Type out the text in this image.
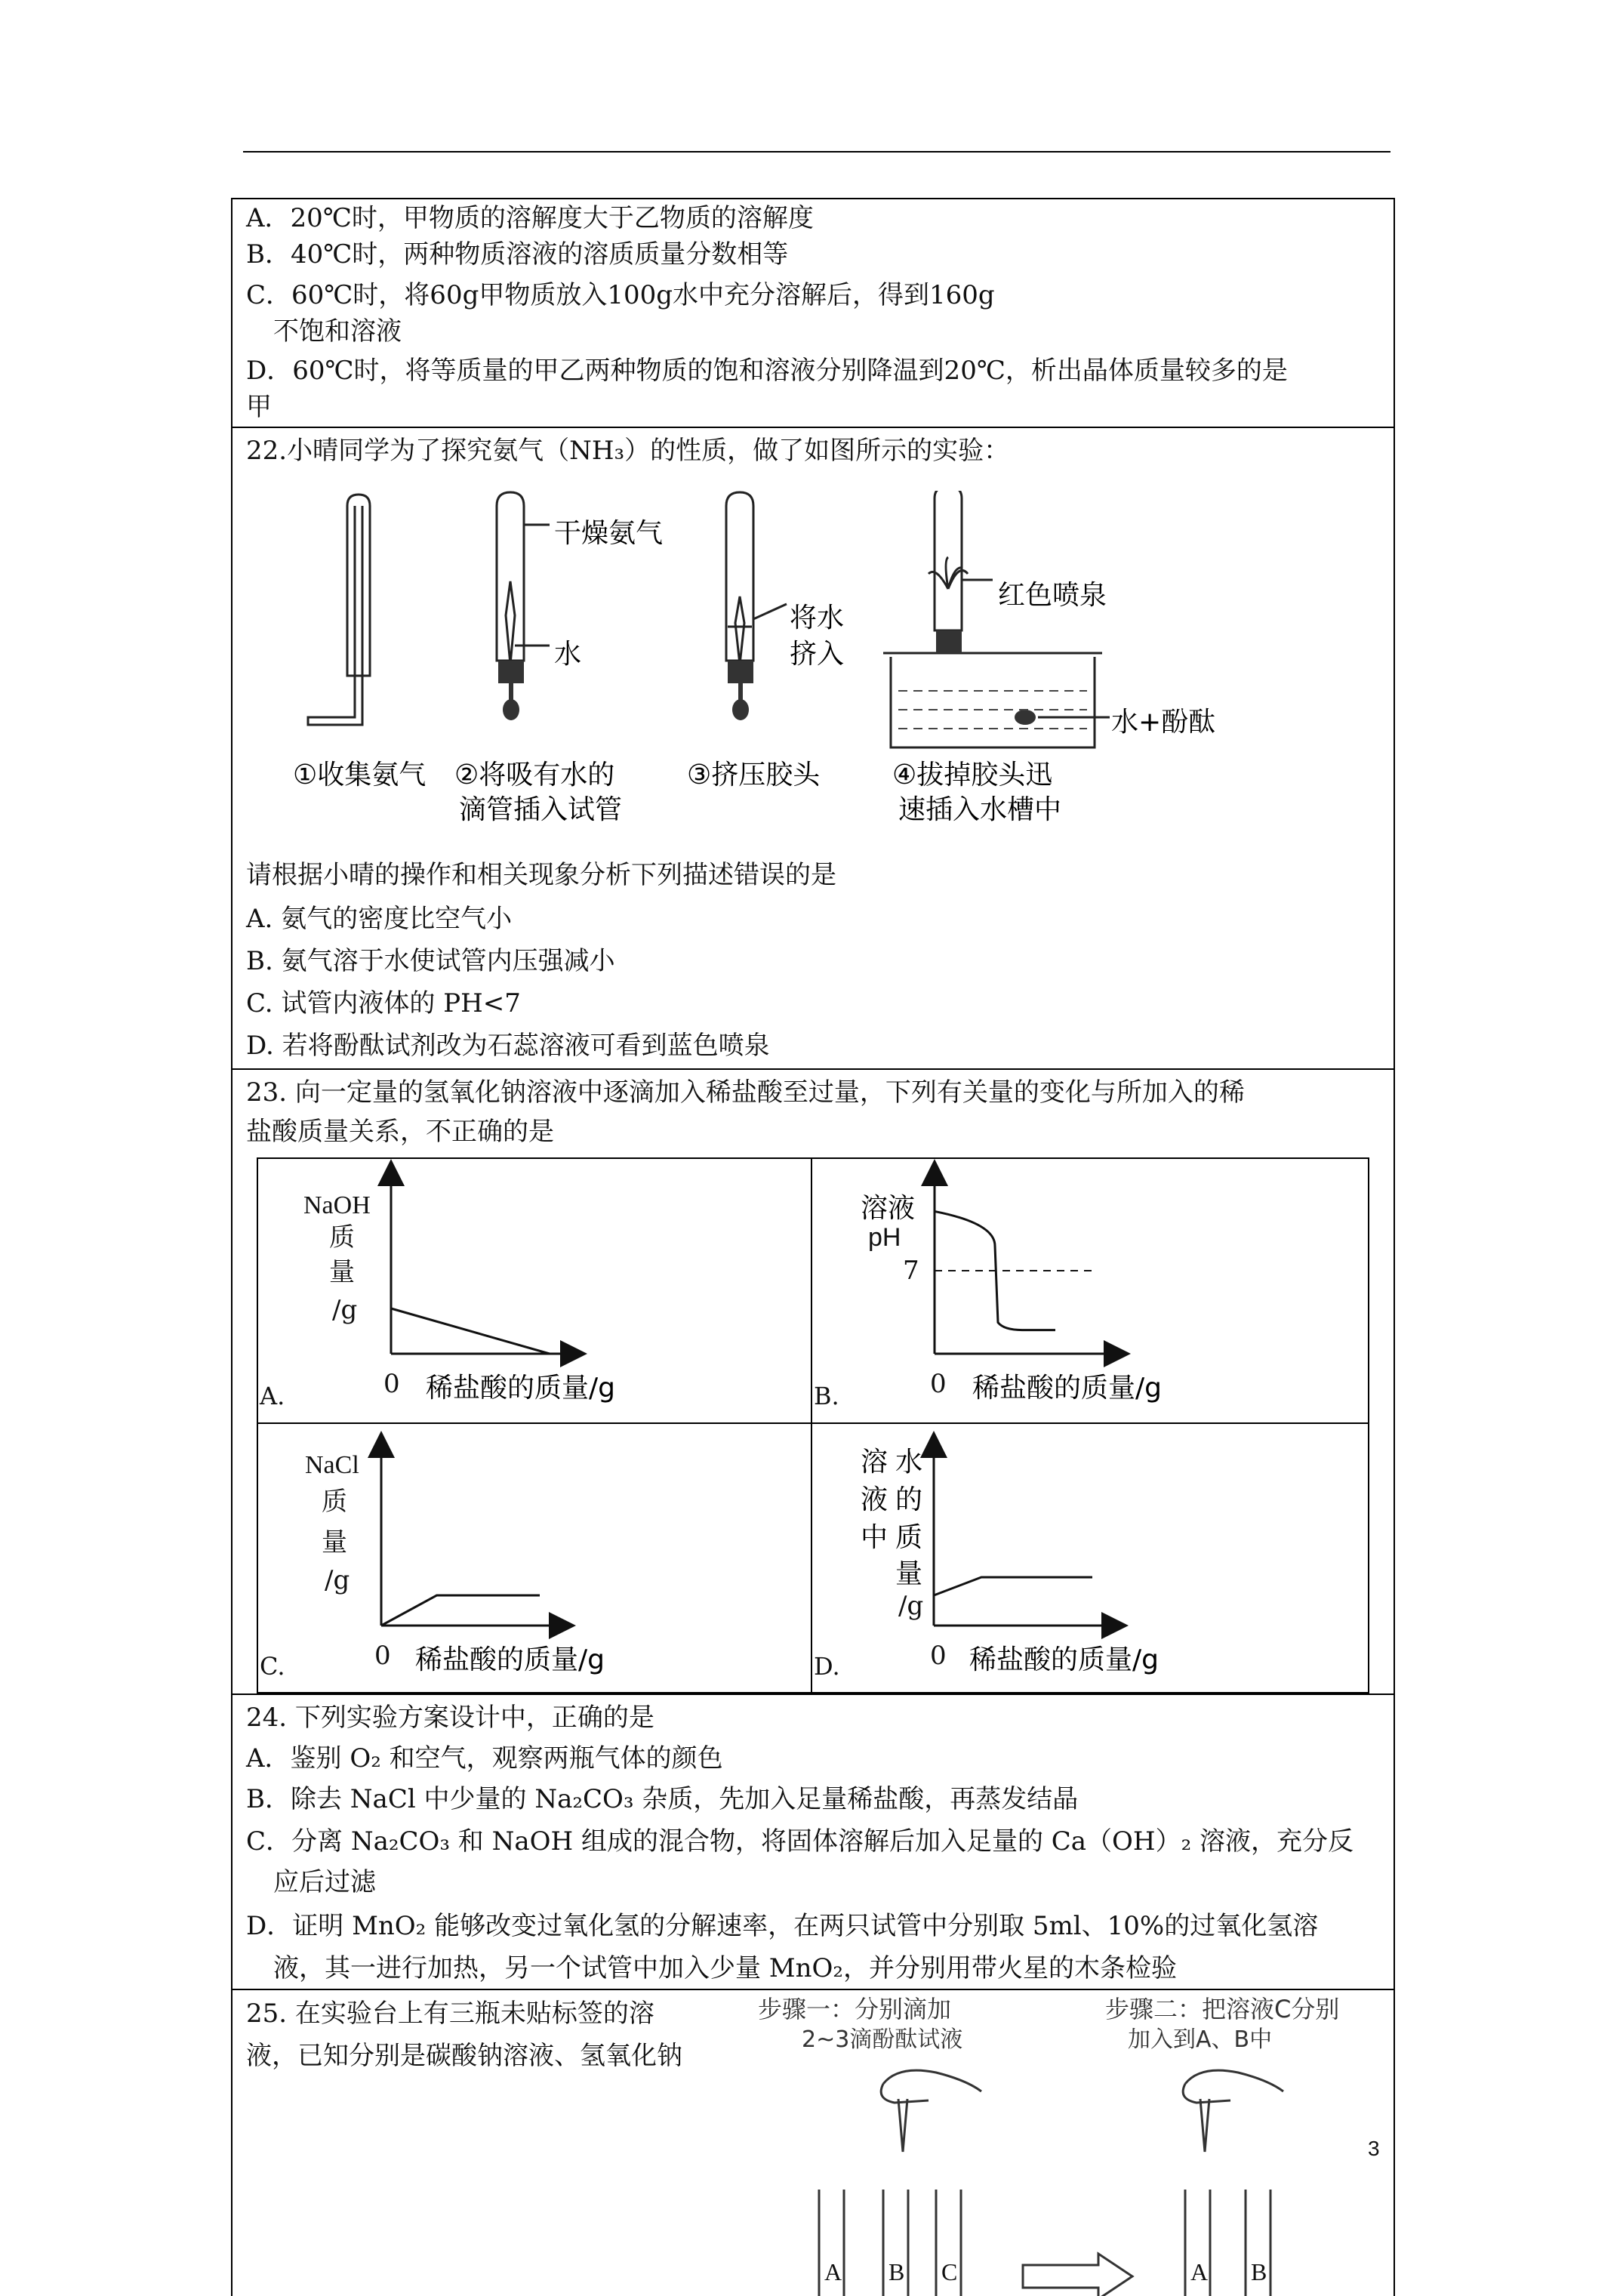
A．20℃时，甲物质的溶解度大于乙物质的溶解度
B．40℃时，两种物质溶液的溶质质量分数相等
C．60℃时，将60g甲物质放入100g水中充分溶解后，得到160g
不饱和溶液
D．60℃时，将等质量的甲乙两种物质的饱和溶液分别降温到20℃，析出晶体质量较多的是
甲
22.小晴同学为了探究氨气（NH₃）的性质，做了如图所示的实验：
干燥氨气
水
将水
挤入
红色喷泉
水+酚酞
①收集氨气 ②将吸有水的
滴管插入试管
③挤压胶头	④拔掉胶头迅
速插入水槽中
请根据小晴的操作和相关现象分析下列描述错误的是
A. 氨气的密度比空气小
B. 氨气溶于水使试管内压强减小
C. 试管内液体的 PH<7
D. 若将酚酞试剂改为石蕊溶液可看到蓝色喷泉
23. 向一定量的氢氧化钠溶液中逐滴加入稀盐酸至过量，下列有关量的变化与所加入的稀
盐酸质量关系，不正确的是
NaOH
质
量
/g
0 稀盐酸的质量/g
A.
溶液
pH
7
0 稀盐酸的质量/g
B.
NaCl
质
量
/g
0 稀盐酸的质量/g
C.
溶
液
中
水
的
质
量
/g
0 稀盐酸的质量/g
D.
24. 下列实验方案设计中，正确的是
A．鉴别 O₂ 和空气，观察两瓶气体的颜色
B．除去 NaCl 中少量的 Na₂CO₃ 杂质，先加入足量稀盐酸，再蒸发结晶
C．分离 Na₂CO₃ 和 NaOH 组成的混合物，将固体溶解后加入足量的 Ca（OH）₂ 溶液，充分反
应后过滤
D．证明 MnO₂ 能够改变过氧化氢的分解速率，在两只试管中分别取 5ml、10%的过氧化氢溶
液，其一进行加热，另一个试管中加入少量 MnO₂，并分别用带火星的木条检验
25. 在实验台上有三瓶未贴标签的溶
液，已知分别是碳酸钠溶液、氢氧化钠
步骤一：分别滴加
2~3滴酚酞试液
步骤二：把溶液C分别
加入到A、B中
A B C	A B
3
